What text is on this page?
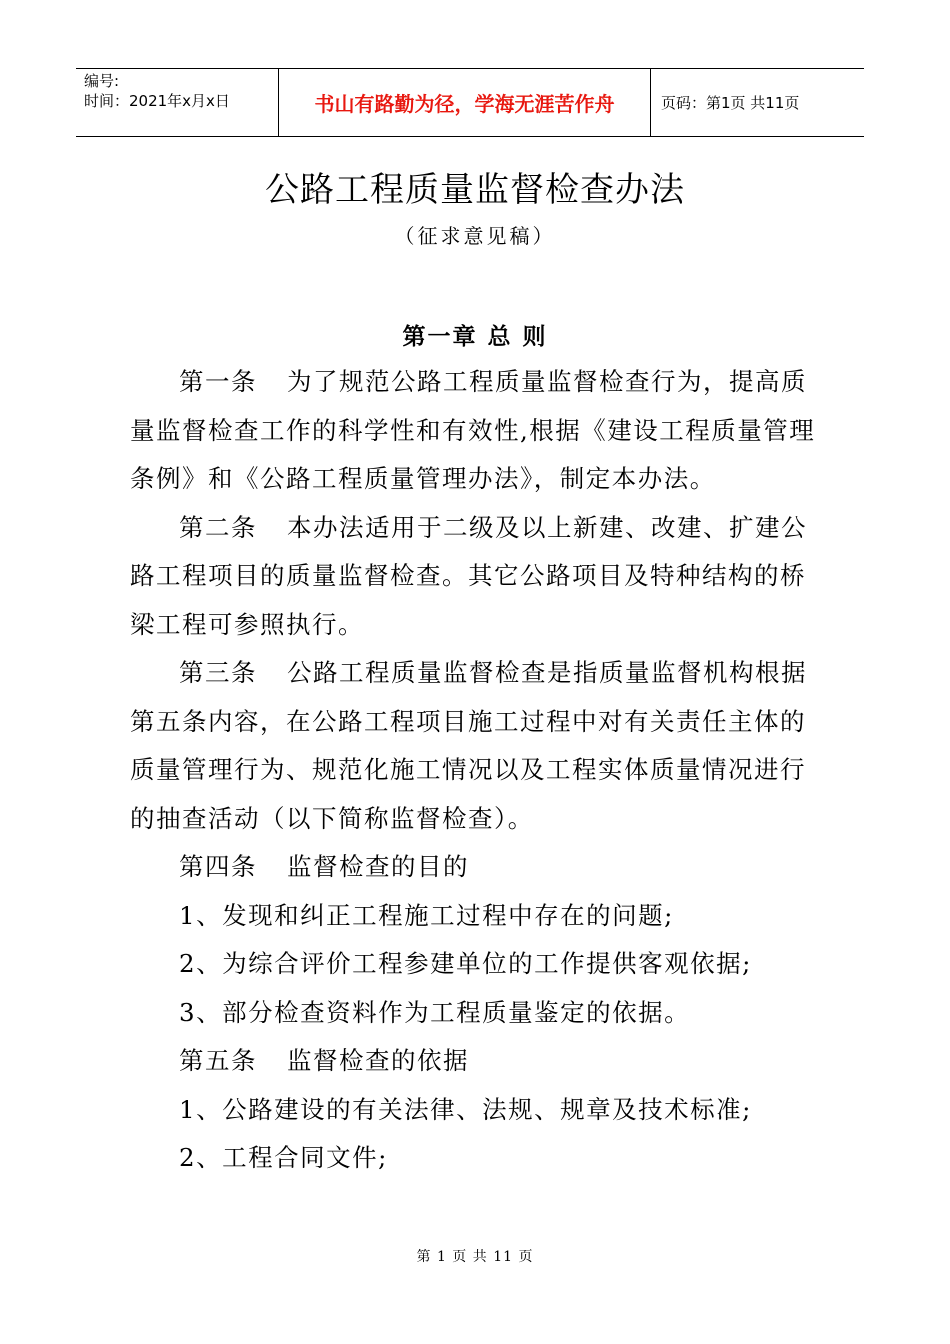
编号:
时间：2021年x月x日	书山有路勤为径，学海无涯苦作舟	页码：第1页 共11页
公路工程质量监督检查办法
（征求意见稿）
第一章 总 则

第一条 为了规范公路工程质量监督检查行为，提高质量监督检查工作的科学性和有效性,根据《建设工程质量管理条例》和《公路工程质量管理办法》，制定本办法。

第二条 本办法适用于二级及以上新建、改建、扩建公路工程项目的质量监督检查。其它公路项目及特种结构的桥梁工程可参照执行。

第三条 公路工程质量监督检查是指质量监督机构根据第五条内容，在公路工程项目施工过程中对有关责任主体的质量管理行为、规范化施工情况以及工程实体质量情况进行的抽查活动（以下简称监督检查）。

第四条 监督检查的目的

1、发现和纠正工程施工过程中存在的问题;

2、为综合评价工程参建单位的工作提供客观依据;

3、部分检查资料作为工程质量鉴定的依据。

第五条 监督检查的依据

1、公路建设的有关法律、法规、规章及技术标准;

2、工程合同文件;

第 1 页 共 11 页
